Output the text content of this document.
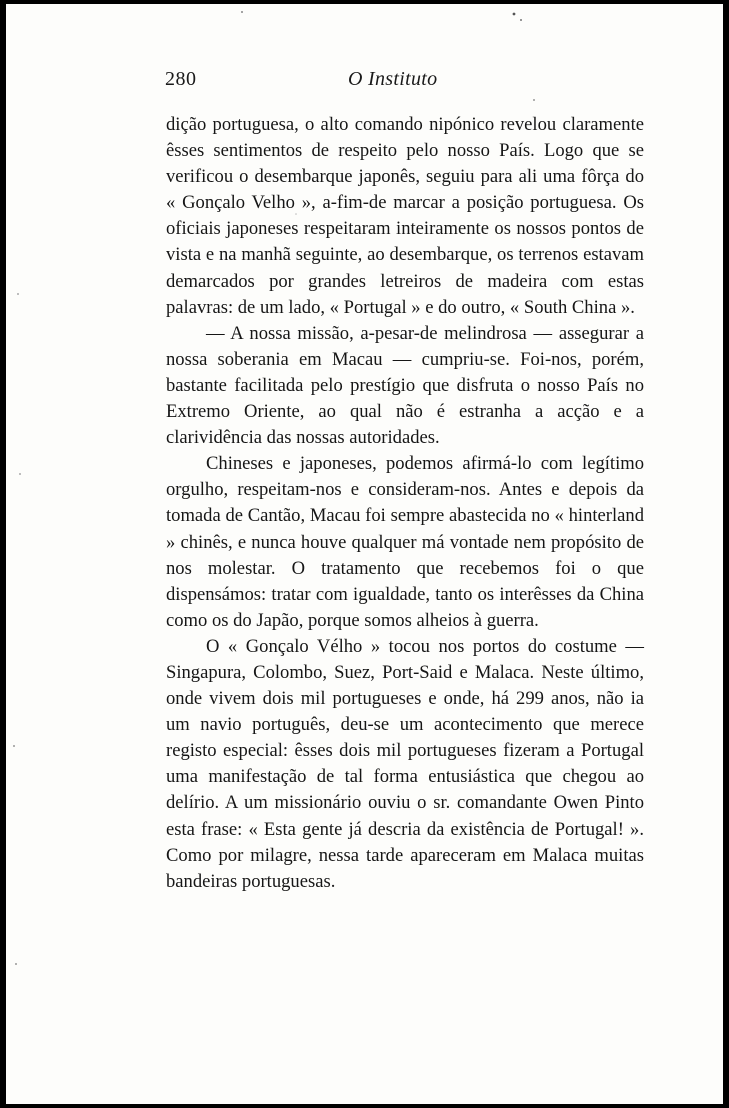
280	O Instituto

dição portuguesa, o alto comando nipónico revelou claramente êsses sentimentos de respeito pelo nosso País. Logo que se verificou o desembarque japonês, seguiu para ali uma fôrça do « Gonçalo Velho », a-fim-de marcar a posição portuguesa. Os oficiais japoneses respeitaram inteiramente os nossos pontos de vista e na manhã seguinte, ao desembarque, os terrenos estavam demarcados por grandes letreiros de madeira com estas palavras: de um lado, « Portugal » e do outro, « South China ».

— A nossa missão, a-pesar-de melindrosa — assegurar a nossa soberania em Macau — cumpriu-se. Foi-nos, porém, bastante facilitada pelo prestígio que disfruta o nosso País no Extremo Oriente, ao qual não é estranha a acção e a clarividência das nossas autoridades.

Chineses e japoneses, podemos afirmá-lo com legítimo orgulho, respeitam-nos e consideram-nos. Antes e depois da tomada de Cantão, Macau foi sempre abastecida no « hinterland » chinês, e nunca houve qualquer má vontade nem propósito de nos molestar. O tratamento que recebemos foi o que dispensámos: tratar com igualdade, tanto os interêsses da China como os do Japão, porque somos alheios à guerra.

O « Gonçalo Vélho » tocou nos portos do costume — Singapura, Colombo, Suez, Port-Said e Malaca. Neste último, onde vivem dois mil portugueses e onde, há 299 anos, não ia um navio português, deu-se um acontecimento que merece registo especial: êsses dois mil portugueses fizeram a Portugal uma manifestação de tal forma entusiástica que chegou ao delírio. A um missionário ouviu o sr. comandante Owen Pinto esta frase: « Esta gente já descria da existência de Portugal! ». Como por milagre, nessa tarde apareceram em Malaca muitas bandeiras portuguesas.
